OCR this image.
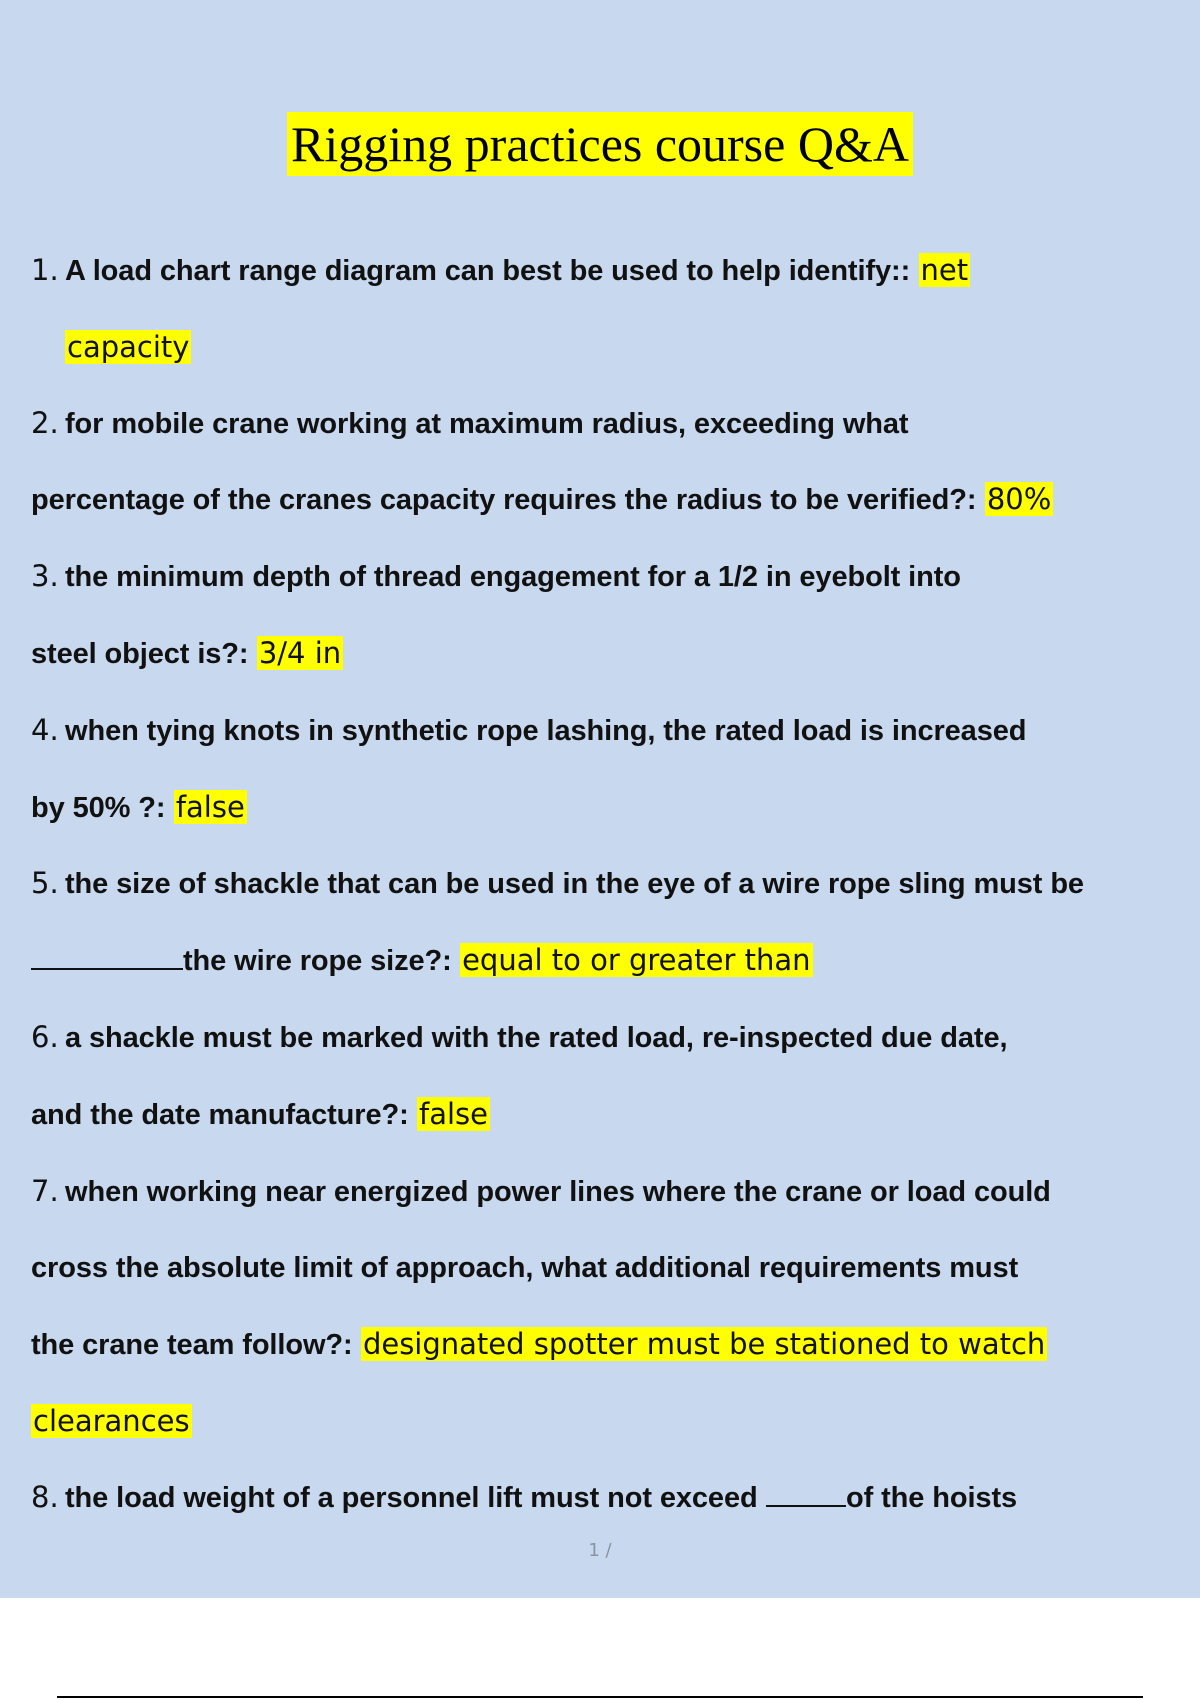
Rigging practices course Q&A
1. A load chart range diagram can best be used to help identify:: net
capacity
2. for mobile crane working at maximum radius, exceeding what
percentage of the cranes capacity requires the radius to be verified?: 80%
3. the minimum depth of thread engagement for a 1/2 in eyebolt into
steel object is?: 3/4 in
4. when tying knots in synthetic rope lashing, the rated load is increased
by 50% ?: false
5. the size of shackle that can be used in the eye of a wire rope sling must be
the wire rope size?: equal to or greater than
6. a shackle must be marked with the rated load, re-inspected due date,
and the date manufacture?: false
7. when working near energized power lines where the crane or load could
cross the absolute limit of approach, what additional requirements must
the crane team follow?: designated spotter must be stationed to watch
clearances
8. the load weight of a personnel lift must not exceed	of the hoists
1 /
